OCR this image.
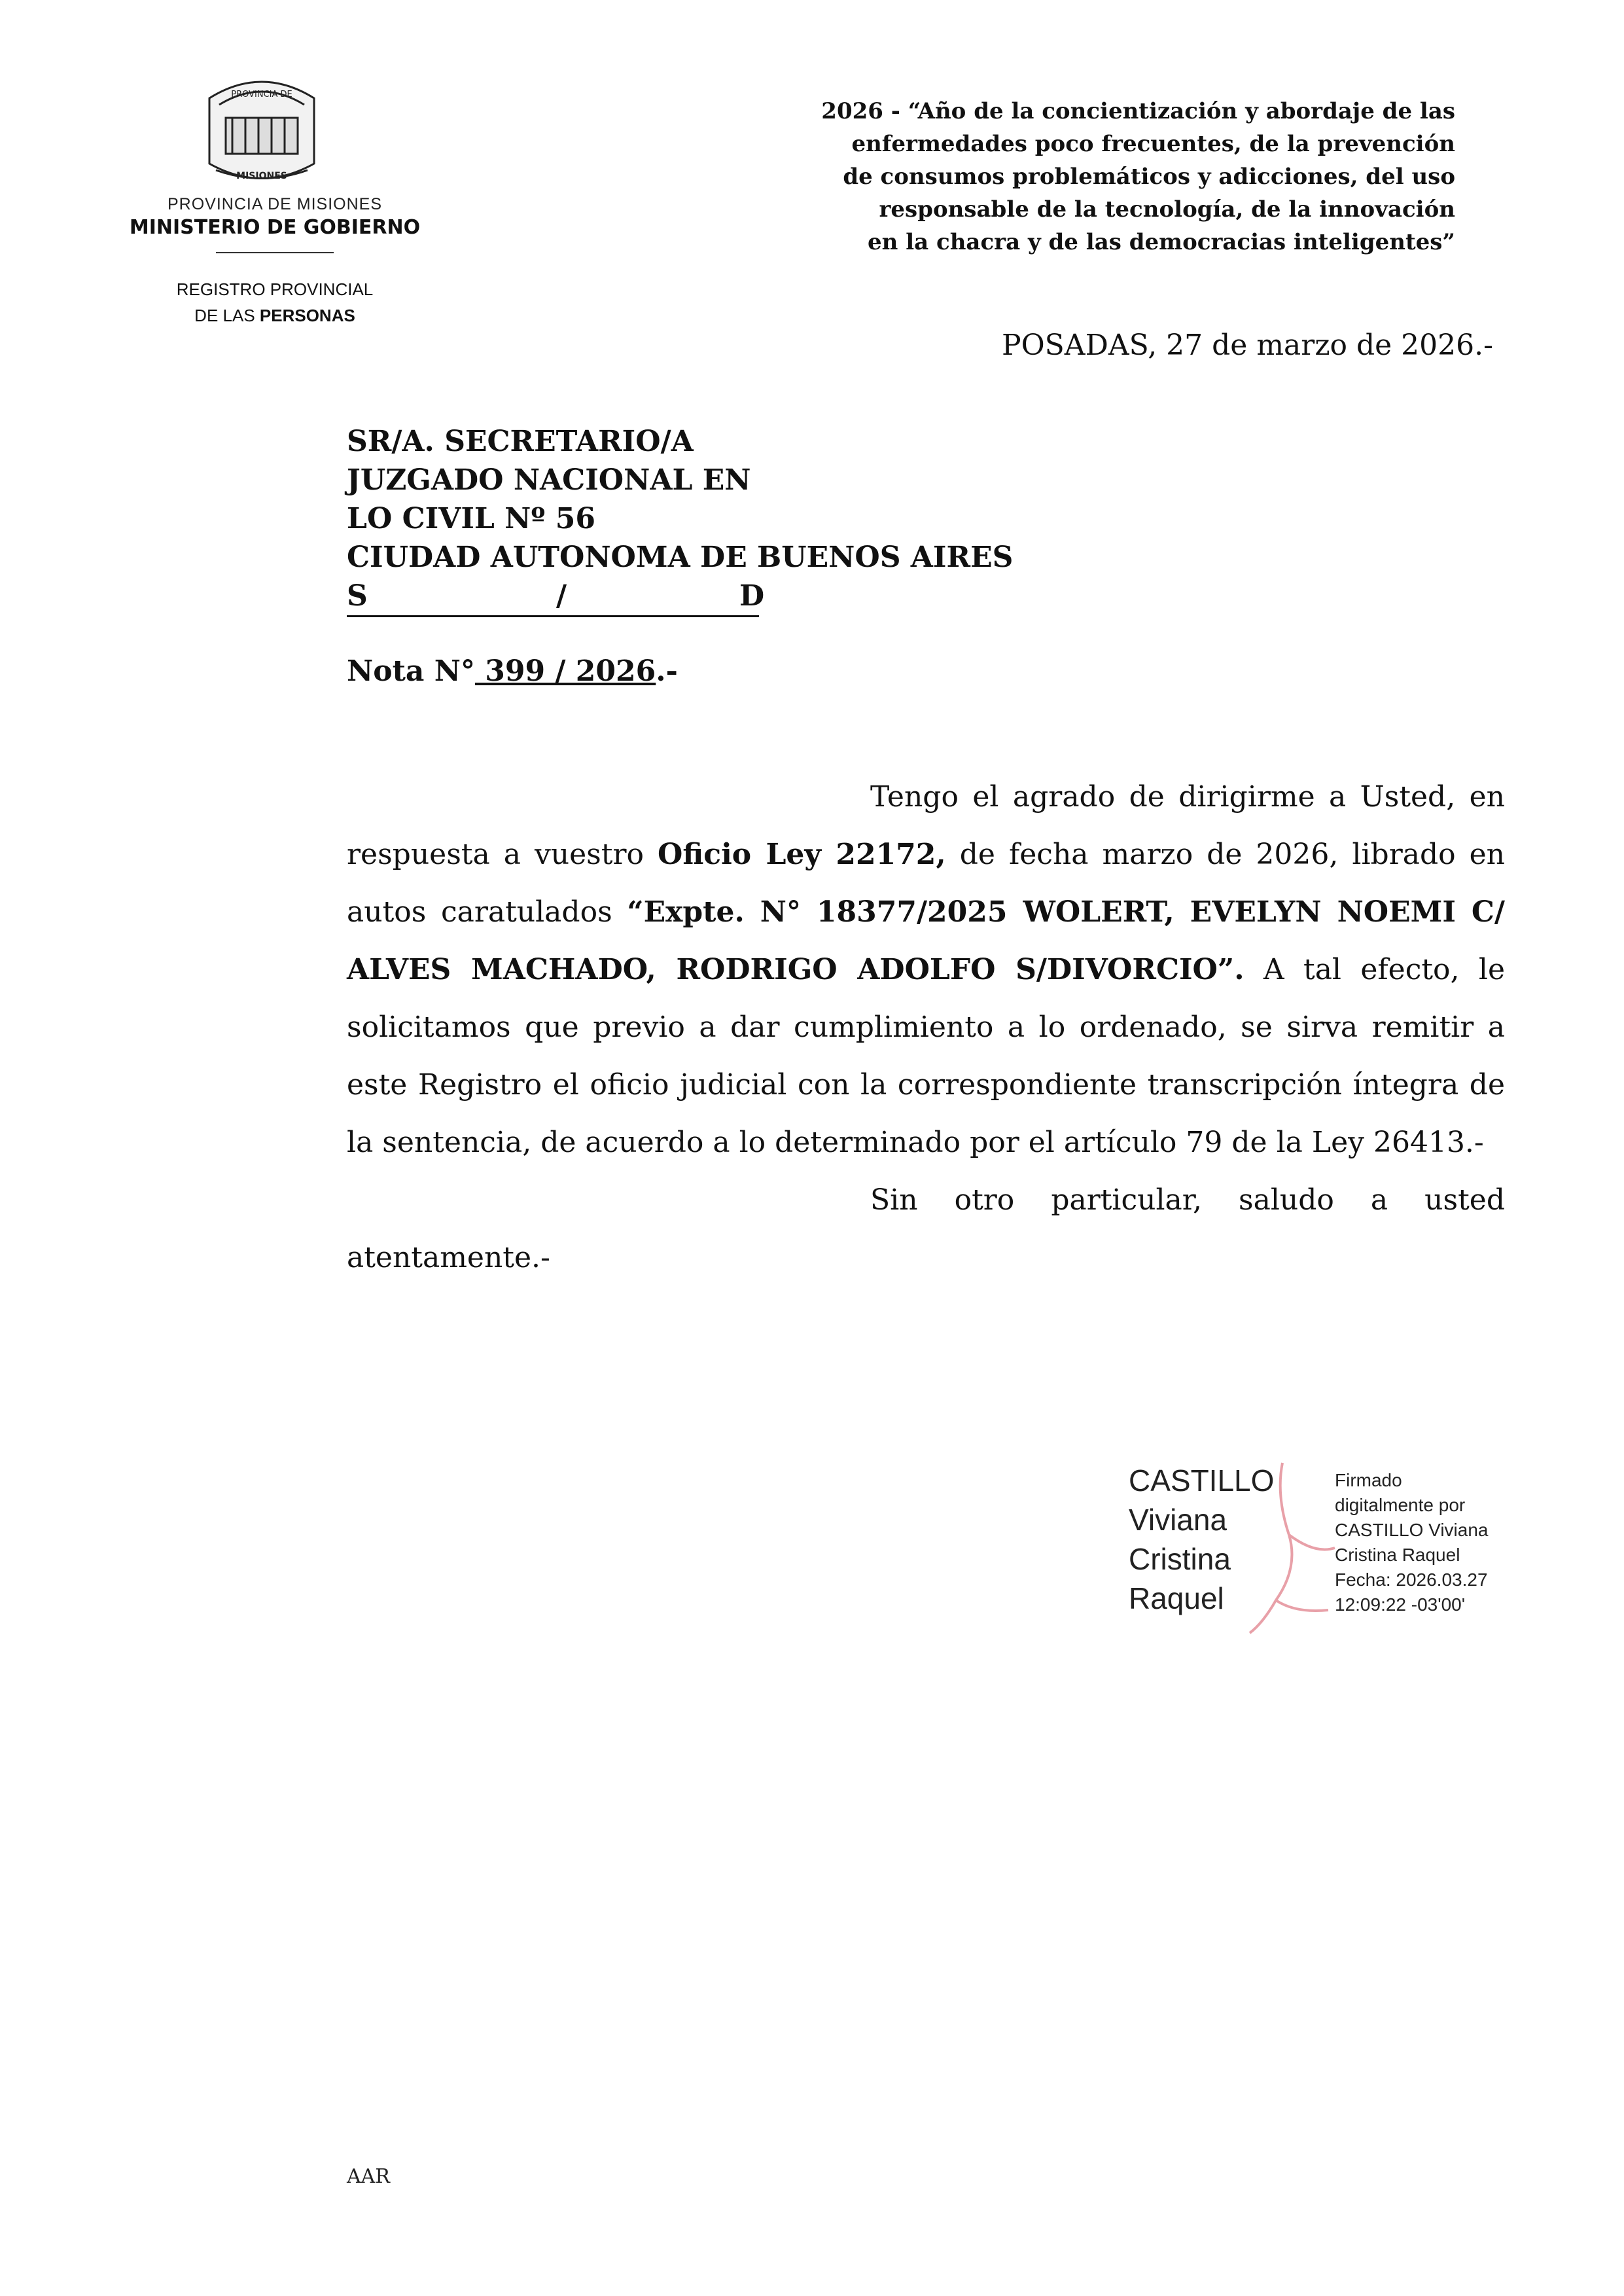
PROVINCIA DE
MISIONES
PROVINCIA DE MISIONES
MINISTERIO DE GOBIERNO
REGISTRO PROVINCIAL
DE LAS PERSONAS
2026 - “Año de la concientización y abordaje de las
enfermedades poco frecuentes, de la prevención
de consumos problemáticos y adicciones, del uso
responsable de la tecnología, de la innovación
en la chacra y de las democracias inteligentes”
POSADAS, 27 de marzo de 2026.-
SR/A. SECRETARIO/A
JUZGADO NACIONAL EN
LO CIVIL Nº 56
CIUDAD AUTONOMA DE BUENOS AIRES
S	/	D
Nota N° 399 / 2026.-

Tengo el agrado de dirigirme a Usted, en respuesta a vuestro Oficio Ley 22172, de fecha marzo de 2026, librado en autos caratulados “Expte. N° 18377/2025 WOLERT, EVELYN NOEMI C/ ALVES MACHADO, RODRIGO ADOLFO S/DIVORCIO”. A tal efecto, le solicitamos que previo a dar cumplimiento a lo ordenado, se sirva remitir a este Registro el oficio judicial con la correspondiente transcripción íntegra de la sentencia, de acuerdo a lo determinado por el artículo 79 de la Ley 26413.-

Sin otro particular, saludo a usted atentamente.-

CASTILLO
Viviana
Cristina
Raquel
Firmado
digitalmente por
CASTILLO Viviana
Cristina Raquel
Fecha: 2026.03.27
12:09:22 -03'00'
AAR
